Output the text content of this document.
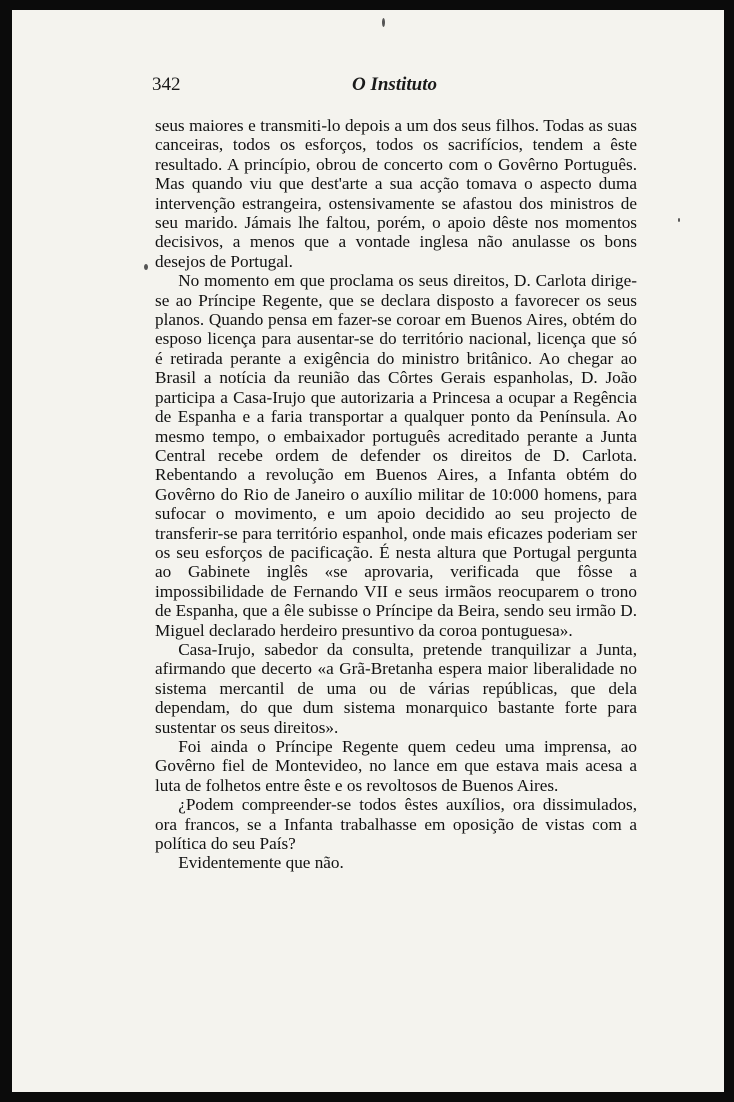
342	O Instituto

seus maiores e transmiti-lo depois a um dos seus filhos. Todas as suas canceiras, todos os esforços, todos os sacrifícios, tendem a êste resultado. A princípio, obrou de concerto com o Govêrno Português. Mas quando viu que dest'arte a sua acção tomava o aspecto duma intervenção estrangeira, ostensivamente se afastou dos ministros de seu marido. Jámais lhe faltou, porém, o apoio dêste nos momentos decisivos, a menos que a vontade inglesa não anulasse os bons desejos de Portugal.

No momento em que proclama os seus direitos, D. Carlota dirige-se ao Príncipe Regente, que se declara disposto a favorecer os seus planos. Quando pensa em fazer-se coroar em Buenos Aires, obtém do esposo licença para ausentar-se do território nacional, licença que só é retirada perante a exigência do ministro britânico. Ao chegar ao Brasil a notícia da reunião das Côrtes Gerais espanholas, D. João participa a Casa-Irujo que autorizaria a Princesa a ocupar a Regência de Espanha e a faria transportar a qualquer ponto da Península. Ao mesmo tempo, o embaixador português acreditado perante a Junta Central recebe ordem de defender os direitos de D. Carlota. Rebentando a revolução em Buenos Aires, a Infanta obtém do Govêrno do Rio de Janeiro o auxílio militar de 10:000 homens, para sufocar o movimento, e um apoio decidido ao seu projecto de transferir-se para território espanhol, onde mais eficazes poderiam ser os seu esforços de pacificação. É nesta altura que Portugal pergunta ao Gabinete inglês «se aprovaria, verificada que fôsse a impossibilidade de Fernando VII e seus irmãos reocuparem o trono de Espanha, que a êle subisse o Príncipe da Beira, sendo seu irmão D. Miguel declarado herdeiro presuntivo da coroa pontuguesa».

Casa-Irujo, sabedor da consulta, pretende tranquilizar a Junta, afirmando que decerto «a Grã-Bretanha espera maior liberalidade no sistema mercantil de uma ou de várias repúblicas, que dela dependam, do que dum sistema monarquico bastante forte para sustentar os seus direitos».

Foi ainda o Príncipe Regente quem cedeu uma imprensa, ao Govêrno fiel de Montevideo, no lance em que estava mais acesa a luta de folhetos entre êste e os revoltosos de Buenos Aires.

¿Podem compreender-se todos êstes auxílios, ora dissimulados, ora francos, se a Infanta trabalhasse em oposição de vistas com a política do seu País?

Evidentemente que não.
